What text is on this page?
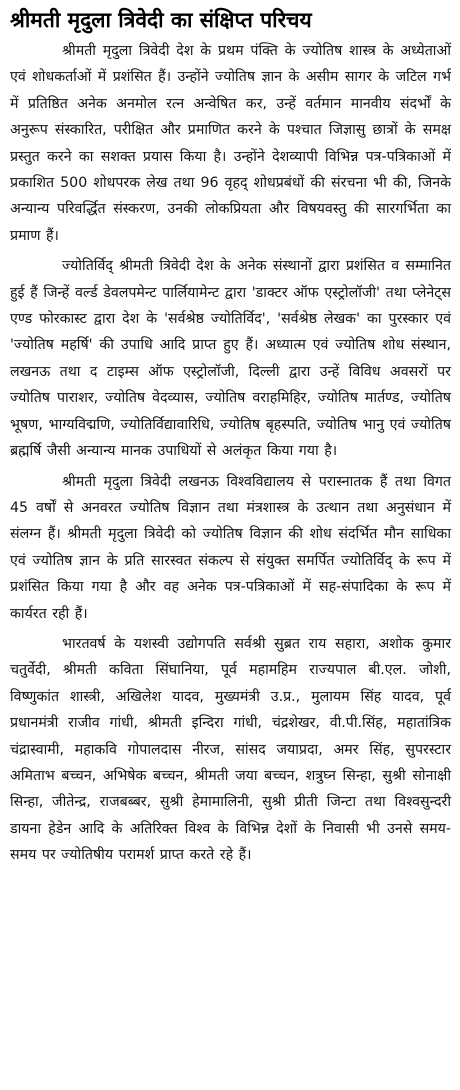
श्रीमती मृदुला त्रिवेदी का संक्षिप्त परिचय

श्रीमती मृदुला त्रिवेदी देश के प्रथम पंक्ति के ज्योतिष शास्त्र के अध्येताओं एवं शोधकर्ताओं में प्रशंसित हैं। उन्होंने ज्योतिष ज्ञान के असीम सागर के जटिल गर्भ में प्रतिष्ठित अनेक अनमोल रत्न अन्वेषित कर, उन्हें वर्तमान मानवीय संदर्भों के अनुरूप संस्कारित, परीक्षित और प्रमाणित करने के पश्चात जिज्ञासु छात्रों के समक्ष प्रस्तुत करने का सशक्त प्रयास किया है। उन्होंने देशव्यापी विभिन्न पत्र-पत्रिकाओं में प्रकाशित 500 शोधपरक लेख तथा 96 वृहद् शोधप्रबंधों की संरचना भी की, जिनके अन्यान्य परिवर्द्धित संस्करण, उनकी लोकप्रियता और विषयवस्तु की सारगर्भिता का प्रमाण हैं।

ज्योतिर्विद् श्रीमती त्रिवेदी देश के अनेक संस्थानों द्वारा प्रशंसित व सम्मानित हुई हैं जिन्हें वर्ल्ड डेवलपमेन्ट पार्लियामेन्ट द्वारा 'डाक्टर ऑफ एस्ट्रोलॉजी' तथा प्लेनेट्स एण्ड फोरकास्ट द्वारा देश के 'सर्वश्रेष्ठ ज्योतिर्विद', 'सर्वश्रेष्ठ लेखक' का पुरस्कार एवं 'ज्योतिष महर्षि' की उपाधि आदि प्राप्त हुए हैं। अध्यात्म एवं ज्योतिष शोध संस्थान, लखनऊ तथा द टाइम्स ऑफ एस्ट्रोलॉजी, दिल्ली द्वारा उन्हें विविध अवसरों पर ज्योतिष पाराशर, ज्योतिष वेदव्यास, ज्योतिष वराहमिहिर, ज्योतिष मार्तण्ड, ज्योतिष भूषण, भाग्यविद्मणि, ज्योतिर्विद्यावारिधि, ज्योतिष बृहस्पति, ज्योतिष भानु एवं ज्योतिष ब्रह्मर्षि जैसी अन्यान्य मानक उपाधियों से अलंकृत किया गया है।

श्रीमती मृदुला त्रिवेदी लखनऊ विश्वविद्यालय से परास्नातक हैं तथा विगत 45 वर्षों से अनवरत ज्योतिष विज्ञान तथा मंत्रशास्त्र के उत्थान तथा अनुसंधान में संलग्न हैं। श्रीमती मृदुला त्रिवेदी को ज्योतिष विज्ञान की शोध संदर्भित मौन साधिका एवं ज्योतिष ज्ञान के प्रति सारस्वत संकल्प से संयुक्त समर्पित ज्योतिर्विद् के रूप में प्रशंसित किया गया है और वह अनेक पत्र-पत्रिकाओं में सह-संपादिका के रूप में कार्यरत रही हैं।

भारतवर्ष के यशस्वी उद्योगपति सर्वश्री सुब्रत राय सहारा, अशोक कुमार चतुर्वेदी, श्रीमती कविता सिंघानिया, पूर्व महामहिम राज्यपाल बी.एल. जोशी, विष्णुकांत शास्त्री, अखिलेश यादव, मुख्यमंत्री उ.प्र., मुलायम सिंह यादव, पूर्व प्रधानमंत्री राजीव गांधी, श्रीमती इन्दिरा गांधी, चंद्रशेखर, वी.पी.सिंह, महातांत्रिक चंद्रास्वामी, महाकवि गोपालदास नीरज, सांसद जयाप्रदा, अमर सिंह, सुपरस्टार अमिताभ बच्चन, अभिषेक बच्चन, श्रीमती जया बच्चन, शत्रुघ्न सिन्हा, सुश्री सोनाक्षी सिन्हा, जीतेन्द्र, राजबब्बर, सुश्री हेमामालिनी, सुश्री प्रीती जिन्टा तथा विश्वसुन्दरी डायना हेडेन आदि के अतिरिक्त विश्व के विभिन्न देशों के निवासी भी उनसे समय-समय पर ज्योतिषीय परामर्श प्राप्त करते रहे हैं।
